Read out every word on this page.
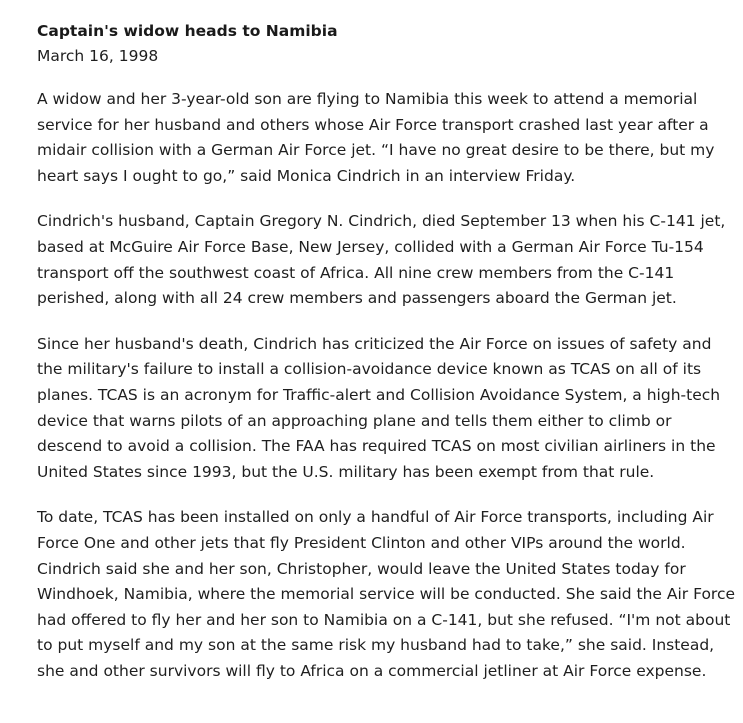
Captain's widow heads to Namibia
March 16, 1998

A widow and her 3-year-old son are flying to Namibia this week to attend a memorial
service for her husband and others whose Air Force transport crashed last year after a
midair collision with a German Air Force jet. “I have no great desire to be there, but my
heart says I ought to go,” said Monica Cindrich in an interview Friday.

Cindrich's husband, Captain Gregory N. Cindrich, died September 13 when his C-141 jet,
based at McGuire Air Force Base, New Jersey, collided with a German Air Force Tu-154
transport off the southwest coast of Africa. All nine crew members from the C-141
perished, along with all 24 crew members and passengers aboard the German jet.

Since her husband's death, Cindrich has criticized the Air Force on issues of safety and
the military's failure to install a collision-avoidance device known as TCAS on all of its
planes. TCAS is an acronym for Traffic-alert and Collision Avoidance System, a high-tech
device that warns pilots of an approaching plane and tells them either to climb or
descend to avoid a collision. The FAA has required TCAS on most civilian airliners in the
United States since 1993, but the U.S. military has been exempt from that rule.

To date, TCAS has been installed on only a handful of Air Force transports, including Air
Force One and other jets that fly President Clinton and other VIPs around the world.
Cindrich said she and her son, Christopher, would leave the United States today for
Windhoek, Namibia, where the memorial service will be conducted. She said the Air Force
had offered to fly her and her son to Namibia on a C-141, but she refused. “I'm not about
to put myself and my son at the same risk my husband had to take,” she said. Instead,
she and other survivors will fly to Africa on a commercial jetliner at Air Force expense.
